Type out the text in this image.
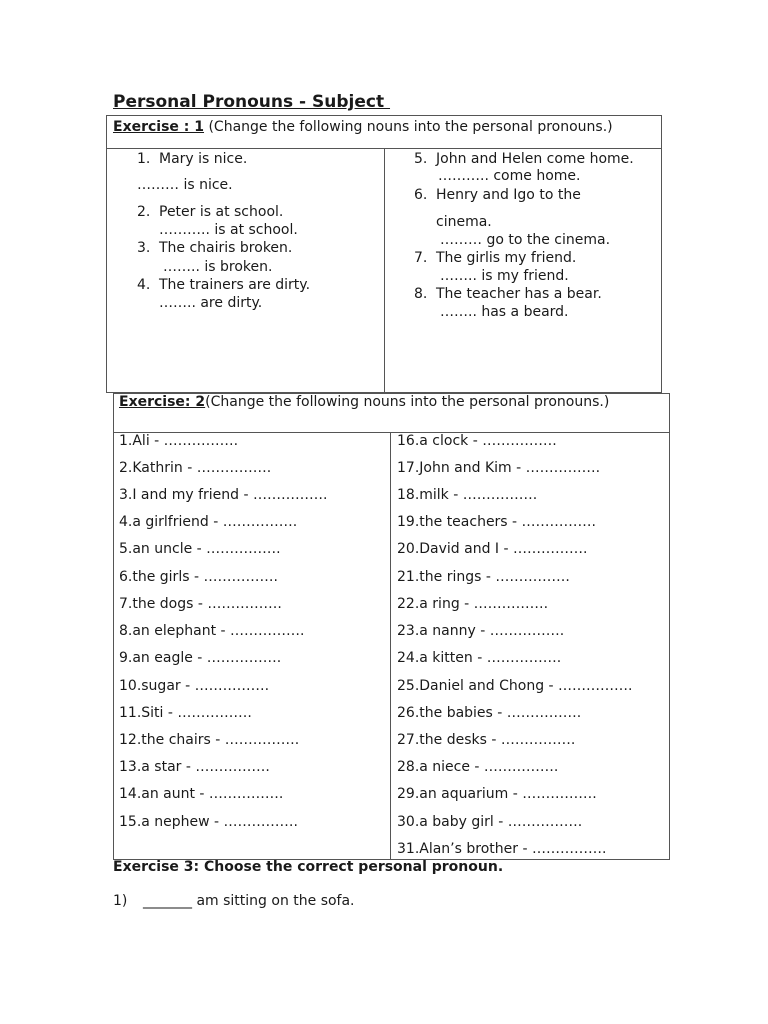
Personal Pronouns - Subject
Exercise : 1 (Change the following nouns into the personal pronouns.)
1. Mary is nice.
……… is nice.
2. Peter is at school.
……….. is at school.
3. The chairis broken.
…….. is broken.
4. The trainers are dirty.
…….. are dirty.
5. John and Helen come home.
……….. come home.
6. Henry and Igo to the
cinema.
……… go to the cinema.
7. The girlis my friend.
…….. is my friend.
8. The teacher has a bear.
…….. has a beard.
Exercise: 2(Change the following nouns into the personal pronouns.)
1.Ali - …………….
2.Kathrin - …………….
3.I and my friend - …………….
4.a girlfriend - …………….
5.an uncle - …………….
6.the girls - …………….
7.the dogs - …………….
8.an elephant - …………….
9.an eagle - …………….
10.sugar - …………….
11.Siti - …………….
12.the chairs - …………….
13.a star - …………….
14.an aunt - …………….
15.a nephew - …………….
16.a clock - …………….
17.John and Kim - …………….
18.milk - …………….
19.the teachers - …………….
20.David and I - …………….
21.the rings - …………….
22.a ring - …………….
23.a nanny - …………….
24.a kitten - …………….
25.Daniel and Chong - …………….
26.the babies - …………….
27.the desks - …………….
28.a niece - …………….
29.an aquarium - …………….
30.a baby girl - …………….
31.Alan’s brother - …………….
Exercise 3: Choose the correct personal pronoun.
1) _______ am sitting on the sofa.
